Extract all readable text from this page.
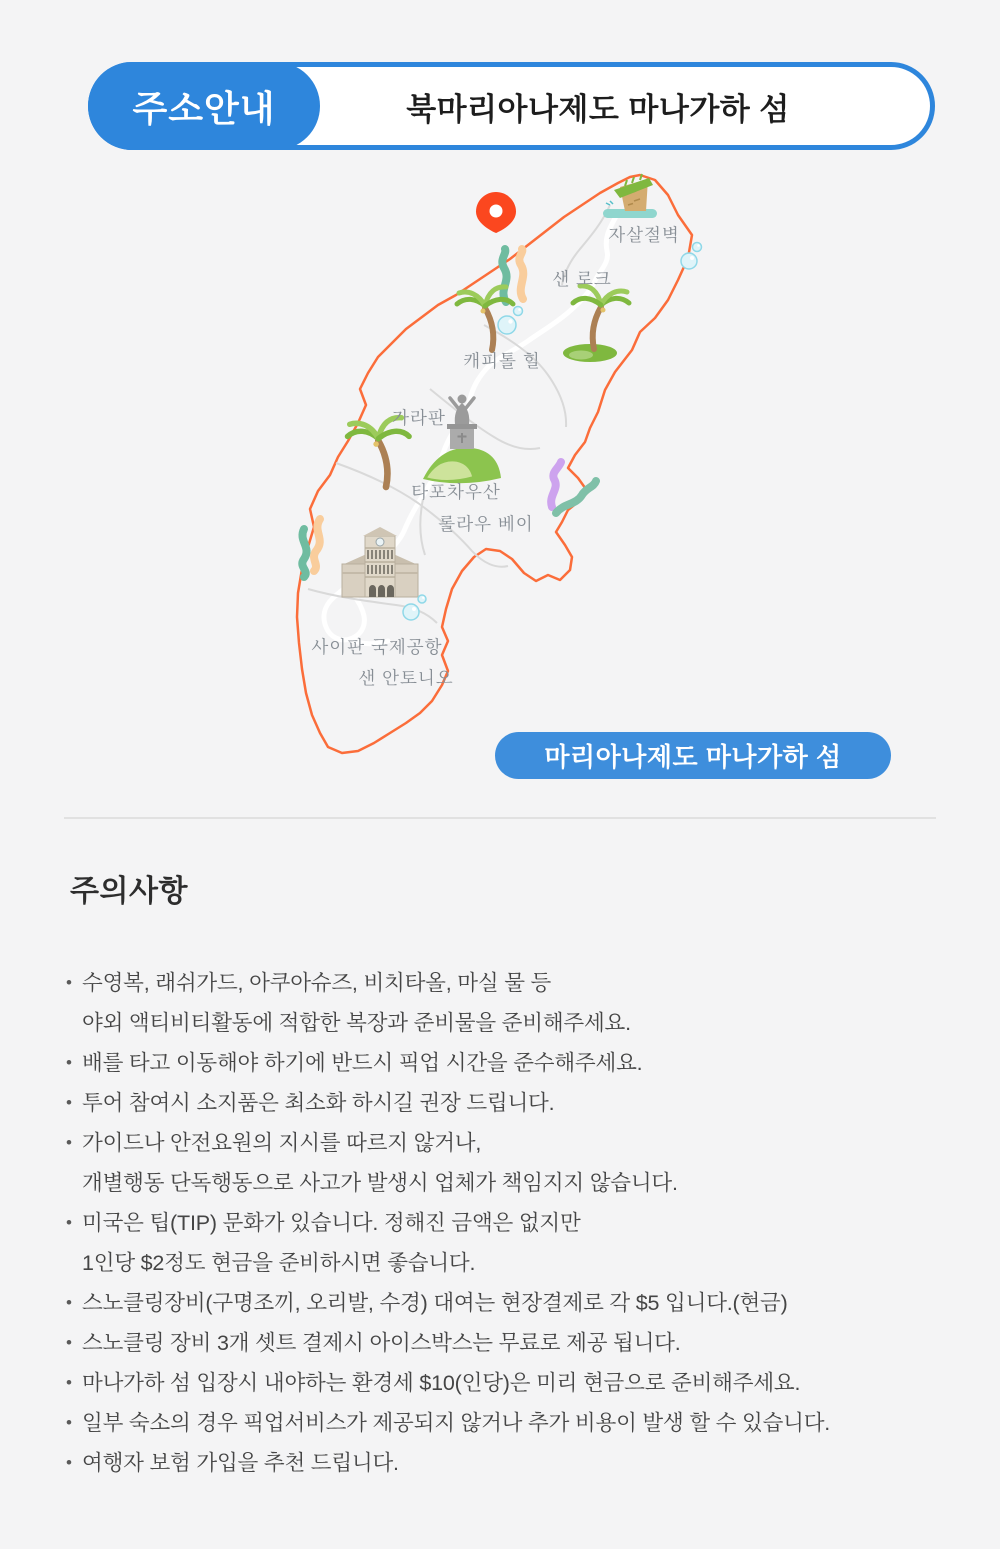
주소안내	북마리아나제도 마나가하 섬
자살절벽
샌 로크
캐피톨 힐
가라판
타포차우산
롤라우 베이
사이판 국제공항
샌 안토니오
마리아나제도 마나가하 섬
주의사항
• 수영복, 래쉬가드, 아쿠아슈즈, 비치타올, 마실 물 등
야외 액티비티활동에 적합한 복장과 준비물을 준비해주세요.
• 배를 타고 이동해야 하기에 반드시 픽업 시간을 준수해주세요.
• 투어 참여시 소지품은 최소화 하시길 권장 드립니다.
• 가이드나 안전요원의 지시를 따르지 않거나,
개별행동 단독행동으로 사고가 발생시 업체가 책임지지 않습니다.
• 미국은 팁(TIP) 문화가 있습니다. 정해진 금액은 없지만
1인당 $2정도 현금을 준비하시면 좋습니다.
• 스노클링장비(구명조끼, 오리발, 수경) 대여는 현장결제로 각 $5 입니다.(현금)
• 스노클링 장비 3개 셋트 결제시 아이스박스는 무료로 제공 됩니다.
• 마나가하 섬 입장시 내야하는 환경세 $10(인당)은 미리 현금으로 준비해주세요.
• 일부 숙소의 경우 픽업서비스가 제공되지 않거나 추가 비용이 발생 할 수 있습니다.
• 여행자 보험 가입을 추천 드립니다.
